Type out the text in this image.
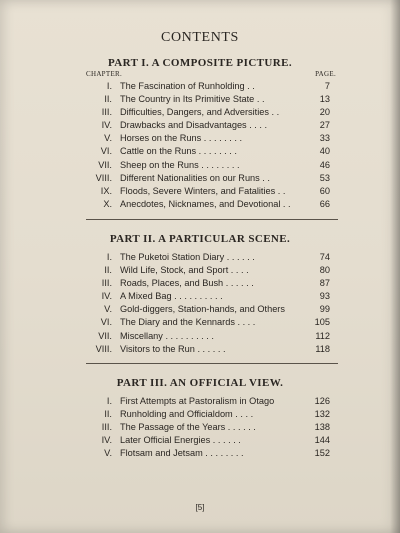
CONTENTS
PART I. A COMPOSITE PICTURE.
CHAPTER.	PAGE.
I. The Fascination of Runholding . .	7
II. The Country in Its Primitive State . .	13
III. Difficulties, Dangers, and Adversities . .	20
IV. Drawbacks and Disadvantages . . . .	27
V. Horses on the Runs . . . . . . . .	33
VI. Cattle on the Runs . . . . . . . .	40
VII. Sheep on the Runs . . . . . . . .	46
VIII. Different Nationalities on our Runs . .	53
IX. Floods, Severe Winters, and Fatalities . .	60
X. Anecdotes, Nicknames, and Devotional . .	66
PART II. A PARTICULAR SCENE.
I. The Puketoi Station Diary . . . . . .	74
II. Wild Life, Stock, and Sport . . . .	80
III. Roads, Places, and Bush . . . . . .	87
IV. A Mixed Bag . . . . . . . . . .	93
V. Gold-diggers, Station-hands, and Others	99
VI. The Diary and the Kennards . . . .	105
VII. Miscellany . . . . . . . . . .	112
VIII. Visitors to the Run . . . . . .	118
PART III. AN OFFICIAL VIEW.
I. First Attempts at Pastoralism in Otago	126
II. Runholding and Officialdom . . . .	132
III. The Passage of the Years . . . . . .	138
IV. Later Official Energies . . . . . .	144
V. Flotsam and Jetsam . . . . . . . .	152
[5]
